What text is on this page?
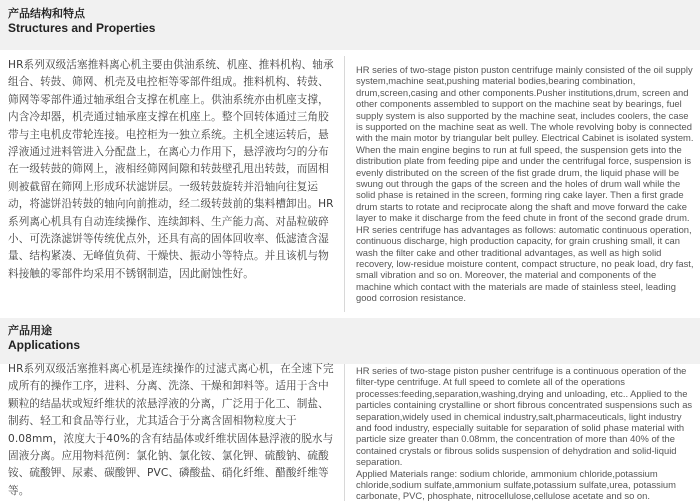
产品结构和特点
Structures and Properties

HR系列双级活塞推料离心机主要由供油系统、机座、推料机构、轴承组合、转鼓、筛网、机壳及电控柜等零部件组成。推料机构、转鼓、筛网等零部件通过轴承组合支撑在机座上。供油系统亦由机座支撑，内含冷却器，机壳通过轴承座支撑在机座上。整个回转体通过三角胶带与主电机皮带轮连接。电控柜为一独立系统。主机全速运转后，悬浮液通过进料管进入分配盘上，在离心力作用下，悬浮液均匀的分布在一级转鼓的筛网上，液相经筛网间隙和转鼓壁孔甩出转鼓，而固相则被截留在筛网上形成环状滤饼层。一级转鼓旋转并沿轴向往复运动，将滤饼沿转鼓的轴向向前推动，经二级转鼓前的集料槽卸出。HR系列离心机具有自动连续操作、连续卸料、生产能力高、对晶粒破碎小、可洗涤滤饼等传统优点外，还具有高的固体回收率、低滤渣含湿量、结构紧凑、无峰值负荷、干燥快、振动小等特点。并且该机与物料接触的零部件均采用不锈钢制造，因此耐蚀性好。

HR series of two-stage piston puston centrifuge mainly consisted of the oil supply system,machine seat,pushing material bodies,bearing combination, drum,screen,casing and other components.Pusher institutions,drum, screen and other components assembled to support on the machine seat by bearings, fuel supply system is also supported by the machine seat, includes coolers, the case is supported on the machine seat as well. The whole revolving boby is connected with the main motor by triangular belt pulley. Electrical Cabinet is isolated system.
When the main engine begins to run at full speed, the suspension gets into the distribution plate from feeding pipe and under the centrifugal force, suspension is evenly distributed on the screen of the fist grade drum, the liquid phase will be swung out through the gaps of the screen and the holes of drum wall while the solid phase is retained in the screen, forming ring cake layer. Then a first grade drum starts to rotate and reciprocate along the shaft and move forward the cake layer to make it discharge from the feed chute in front of the second grade drum.
HR series centrifuge has advantages as follows: automatic continuous operation, continuous discharge, high production capacity, for grain crushing small, it can wash the filter cake and other traditional advantages, as well as high solid recovery, low-residue moisture content, compact structure, no peak load, dry fast, small vibration and so on. Moreover, the material and components of the machine which contact with the materials are made of stainless steel, leading good corrosion resistance.

产品用途
Applications

HR系列双级活塞推料离心机是连续操作的过滤式离心机，在全速下完成所有的操作工序，进料、分离、洗涤、干燥和卸料等。适用于含中颗粒的结晶状或短纤维状的浓悬浮液的分离，广泛用于化工、制盐、制药、轻工和食品等行业，尤其适合于分离含固相物粒度大于0.08mm，浓度大于40%的含有结晶体或纤维状固体悬浮液的脱水与固液分离。应用物料范例：氯化钠、氯化铵、氯化钾、硫酸钠、硫酸铵、硫酸钾、尿素、碳酸钾、PVC、磷酸盐、硝化纤维、醋酸纤维等等。

HR series of two-stage piston pusher centrifuge is a continuous operation of the filter-type centrifuge. At full speed to comlete all of the operations processes:feeding,separation,washing,drying and unloading, etc.. Applied to the particles containing crystalline or short fibrous concentrated suspensions such as separation,widely used in chemical industry,salt,pharmaceuticals, light industry and food industry, especially suitable for separation of solid phase material with particle size greater than 0.08mm, the concentration of more than 40% of the contained crystals or fibrous solids suspension of dehydration and solid-liquid separation.
Applied Materials range: sodium chloride, ammonium chloride,potassium chloride,sodium sulfate,ammonium sulfate,potassium sulfate,urea, potassium carbonate, PVC, phosphate, nitrocellulose,cellulose acetate and so on.
